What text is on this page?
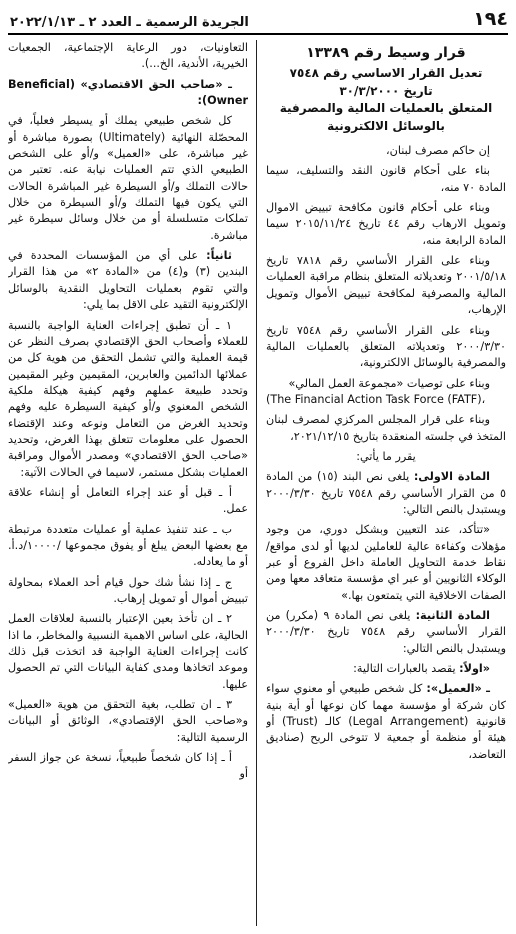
١٩٤
الجريدة الرسمية ـ العدد ٢ ـ ٢٠٢٢/١/١٣
قرار وسيط رقم ١٣٣٨٩
تعديل القرار الاساسي رقم ٧٥٤٨
تاريخ ٣٠/٣/٢٠٠٠
المتعلق بالعمليات المالية والمصرفية
بالوسائل الالكترونية

إن حاكم مصرف لبنان،

بناء على أحكام قانون النقد والتسليف، سيما المادة ٧٠ منه،

وبناء على أحكام قانون مكافحة تبييض الاموال وتمويل الارهاب رقم ٤٤ تاريخ ٢٠١٥/١١/٢٤ سيما المادة الرابعة منه،

وبناء على القرار الأساسي رقم ٧٨١٨ تاريخ ٢٠٠١/٥/١٨ وتعديلاته المتعلق بنظام مراقبة العمليات المالية والمصرفية لمكافحة تبييض الأموال وتمويل الإرهاب،

وبناء على القرار الأساسي رقم ٧٥٤٨ تاريخ ٢٠٠٠/٣/٣٠ وتعديلاته المتعلق بالعمليات المالية والمصرفية بالوسائل الالكترونية،

وبناء على توصيات «مجموعة العمل المالي»

(The Financial Action Task Force (FATF)،

وبناء على قرار المجلس المركزي لمصرف لبنان المتخذ في جلسته المنعقدة بتاريخ ٢٠٢١/١٢/١٥،

يقرر ما يأتي:

المادة الاولى: يلغى نص البند (١٥) من المادة ٥ من القرار الأساسي رقم ٧٥٤٨ تاريخ ٢٠٠٠/٣/٣٠ ويستبدل بالنص التالي:

«تتأكد، عند التعيين وبشكل دوري، من وجود مؤهلات وكفاءة عالية للعاملين لديها أو لدى مواقع/ نقاط خدمة التحاويل العاملة داخل الفروع أو عبر الوكلاء الثانويين أو عبر اي مؤسسة متعاقد معها ومن الصفات الاخلاقية التي يتمتعون بها.»

المادة الثانية: يلغى نص المادة ٩ (مكرر) من القرار الأساسي رقم ٧٥٤٨ تاريخ ٢٠٠٠/٣/٣٠ ويستبدل بالنص التالي:

«اولاً: يقصد بالعبارات التالية:

ـ «العميل»: كل شخص طبيعي أو معنوي سواء كان شركة أو مؤسسة مهما كان نوعها أو أية بنية قانونية (Legal Arrangement) كالـ (Trust) أو هيئة أو منظمة أو جمعية لا تتوخى الربح (صناديق التعاضد،

التعاونيات، دور الرعاية الإجتماعية، الجمعيات الخيرية، الأندية، الخ...).

ـ «صاحب الحق الاقتصادي» (Beneficial Owner):

كل شخص طبيعي يملك أو يسيطر فعلياً، في المحصّلة النهائية (Ultimately) بصورة مباشرة أو غير مباشرة، على «العميل» و/أو على الشخص الطبيعي الذي تتم العمليات نيابة عنه. تعتبر من حالات التملك و/أو السيطرة غير المباشرة الحالات التي يكون فيها التملك و/أو السيطرة من خلال تملكات متسلسلة أو من خلال وسائل سيطرة غير مباشرة.

ثانياً: على أي من المؤسسات المحددة في البندين (٣) و(٤) من «المادة ٢» من هذا القرار والتي تقوم بعمليات التحاويل النقدية بالوسائل الإلكترونية التقيد على الاقل بما يلي:

١ ـ أن تطبق إجراءات العناية الواجبة بالنسبة للعملاء وأصحاب الحق الإقتصادي بصرف النظر عن قيمة العملية والتي تشمل التحقق من هوية كل من عملائها الدائمين والعابرين، المقيمين وغير المقيمين وتحدد طبيعة عملهم وفهم كيفية هيكلة ملكية الشخص المعنوي و/أو كيفية السيطرة عليه وفهم وتحديد الغرض من التعامل ونوعه وعند الإقتضاء الحصول على معلومات تتعلق بهذا الغرض، وتحديد «صاحب الحق الاقتصادي» ومصدر الأموال ومراقبة العمليات بشكل مستمر، لاسيما في الحالات الآتية:

أ ـ قبل أو عند إجراء التعامل أو إنشاء علاقة عمل.

ب ـ عند تنفيذ عملية أو عمليات متعددة مرتبطة مع بعضها البعض يبلغ أو يفوق مجموعها /١٠٠٠٠/د.أ. أو ما يعادله.

ج ـ إذا نشأ شك حول قيام أحد العملاء بمحاولة تبييض أموال أو تمويل إرهاب.

٢ ـ ان تأخذ بعين الإعتبار بالنسبة لعلاقات العمل الحالية، على اساس الاهمية النسبية والمخاطر، ما اذا كانت إجراءات العناية الواجبة قد اتخذت قبل ذلك وموعد اتخاذها ومدى كفاية البيانات التي تم الحصول عليها.

٣ ـ ان تطلب، بغية التحقق من هوية «العميل» و«صاحب الحق الإقتصادي»، الوثائق أو البيانات الرسمية التالية:

أ ـ إذا كان شخصاً طبيعياً، نسخة عن جواز السفر أو
